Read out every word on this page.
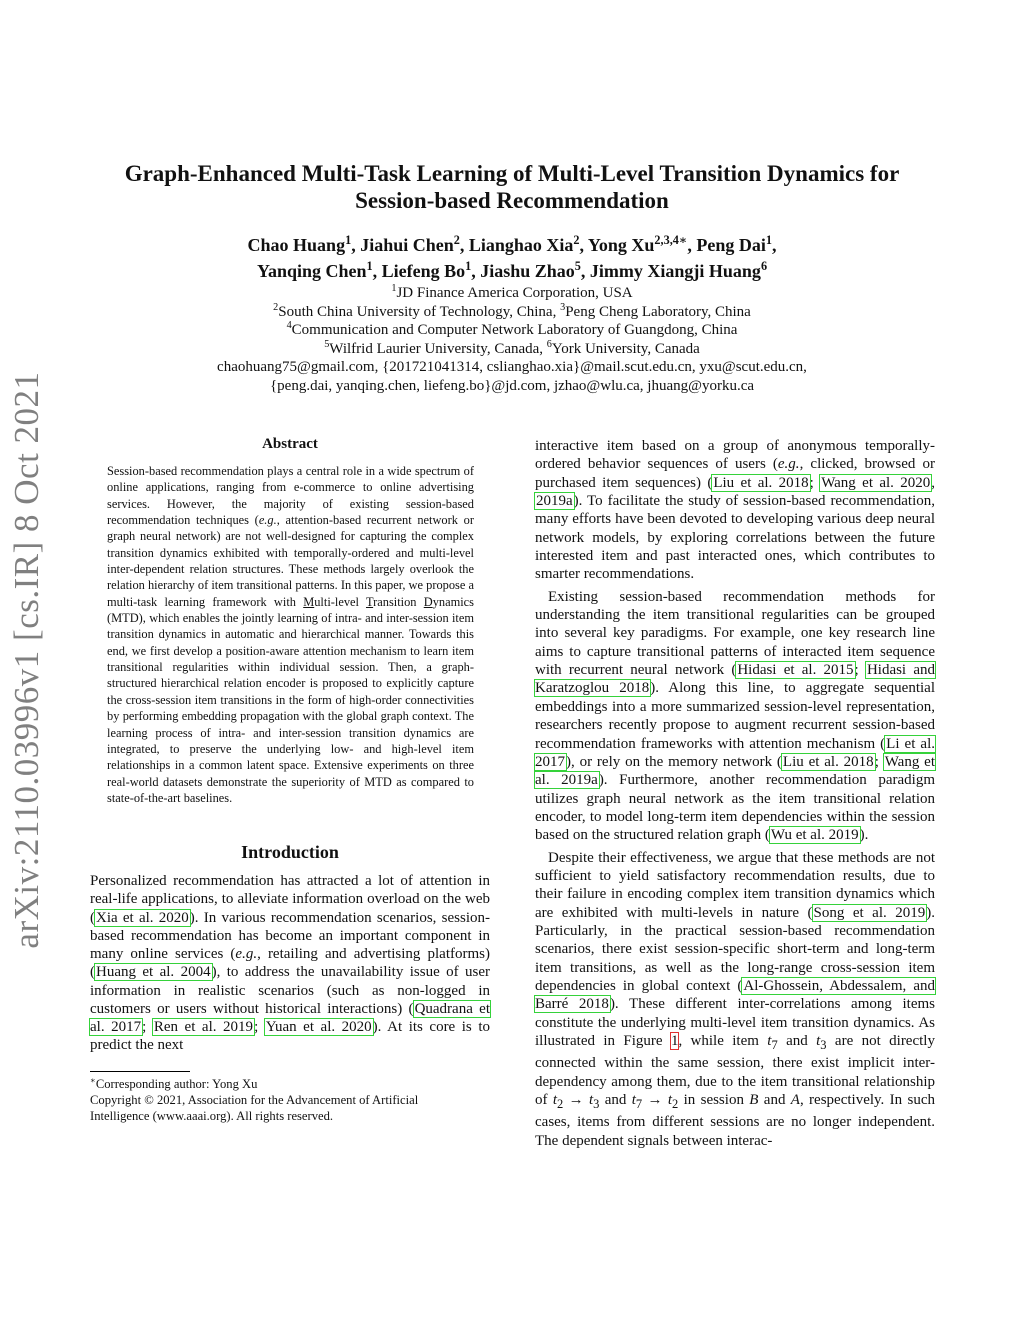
arXiv:2110.03996v1 [cs.IR] 8 Oct 2021
Graph-Enhanced Multi-Task Learning of Multi-Level Transition Dynamics for
Session-based Recommendation
Chao Huang$^1$, Jiahui Chen$^2$, Lianghao Xia$^2$, Yong $Xu^{2,3,4∗}$, Peng Dai$^1$,
Yanqing Chen$^1$, Liefeng Bo$^1$, Jiashu Zhao$^5$, Jimmy Xiangji Huang$^6$
$^1$JD Finance America Corporation, USA
$^2$South China University of Technology, China, $^3$Peng Cheng Laboratory, China
$^4$Communication and Computer Network Laboratory of Guangdong, China
$^5$Wilfrid Laurier University, Canada, $^6$York University, Canada
chaohuang75@gmail.com, {201721041314, cslianghao.xia}@mail.scut.edu.cn, yxu@scut.edu.cn,
{peng.dai, yanqing.chen, liefeng.bo}@jd.com, jzhao@wlu.ca, jhuang@yorku.ca
Abstract

Session-based recommendation plays a central role in a wide spectrum of online applications, ranging from e-commerce to online advertising services. However, the majority of existing session-based recommendation techniques (e.g., attention-based recurrent network or graph neural network) are not well-designed for capturing the complex transition dynamics exhibited with temporally-ordered and multi-level inter-dependent relation structures. These methods largely overlook the relation hierarchy of item transitional patterns. In this paper, we propose a multi-task learning framework with Multi-level Transition Dynamics (MTD), which enables the jointly learning of intra- and inter-session item transition dynamics in automatic and hierarchical manner. Towards this end, we first develop a position-aware attention mechanism to learn item transitional regularities within individual session. Then, a graph-structured hierarchical relation encoder is proposed to explicitly capture the cross-session item transitions in the form of high-order connectivities by performing embedding propagation with the global graph context. The learning process of intra- and inter-session transition dynamics are integrated, to preserve the underlying low- and high-level item relationships in a common latent space. Extensive experiments on three real-world datasets demonstrate the superiority of MTD as compared to state-of-the-art baselines.

Introduction

Personalized recommendation has attracted a lot of attention in real-life applications, to alleviate information overload on the web (Xia et al. 2020). In various recommendation scenarios, session-based recommendation has become an important component in many online services (e.g., retailing and advertising platforms) (Huang et al. 2004), to address the unavailability issue of user information in realistic scenarios (such as non-logged in customers or users without historical interactions) (Quadrana et al. 2017; Ren et al. 2019; Yuan et al. 2020). At its core is to predict the next

∗Corresponding author: Yong Xu

Copyright © 2021, Association for the Advancement of Artificial
Intelligence (www.aaai.org). All rights reserved.

interactive item based on a group of anonymous temporally-ordered behavior sequences of users (e.g., clicked, browsed or purchased item sequences) (Liu et al. 2018; Wang et al. 2020, 2019a). To facilitate the study of session-based recommendation, many efforts have been devoted to developing various deep neural network models, by exploring correlations between the future interested item and past interacted ones, which contributes to smarter recommendations.

Existing session-based recommendation methods for understanding the item transitional regularities can be grouped into several key paradigms. For example, one key research line aims to capture transitional patterns of interacted item sequence with recurrent neural network (Hidasi et al. 2015; Hidasi and Karatzoglou 2018). Along this line, to aggregate sequential embeddings into a more summarized session-level representation, researchers recently propose to augment recurrent session-based recommendation frameworks with attention mechanism (Li et al. 2017), or rely on the memory network (Liu et al. 2018; Wang et al. 2019a). Furthermore, another recommendation paradigm utilizes graph neural network as the item transitional relation encoder, to model long-term item dependencies within the session based on the structured relation graph (Wu et al. 2019).

Despite their effectiveness, we argue that these methods are not sufficient to yield satisfactory recommendation results, due to their failure in encoding complex item transition dynamics which are exhibited with multi-levels in nature (Song et al. 2019). Particularly, in the practical session-based recommendation scenarios, there exist session-specific short-term and long-term item transitions, as well as the long-range cross-session item dependencies in global context (Al-Ghossein, Abdessalem, and Barré 2018). These different inter-correlations among items constitute the underlying multi-level item transition dynamics. As illustrated in Figure 1, while item $t_7$ and $t_3$ are not directly connected within the same session, there exist implicit inter-dependency among them, due to the item transitional relationship of $t_2 \to t_3$ and $t_7 \to t_2$ in session B and A, respectively. In such cases, items from different sessions are no longer independent. The dependent signals between interac-
